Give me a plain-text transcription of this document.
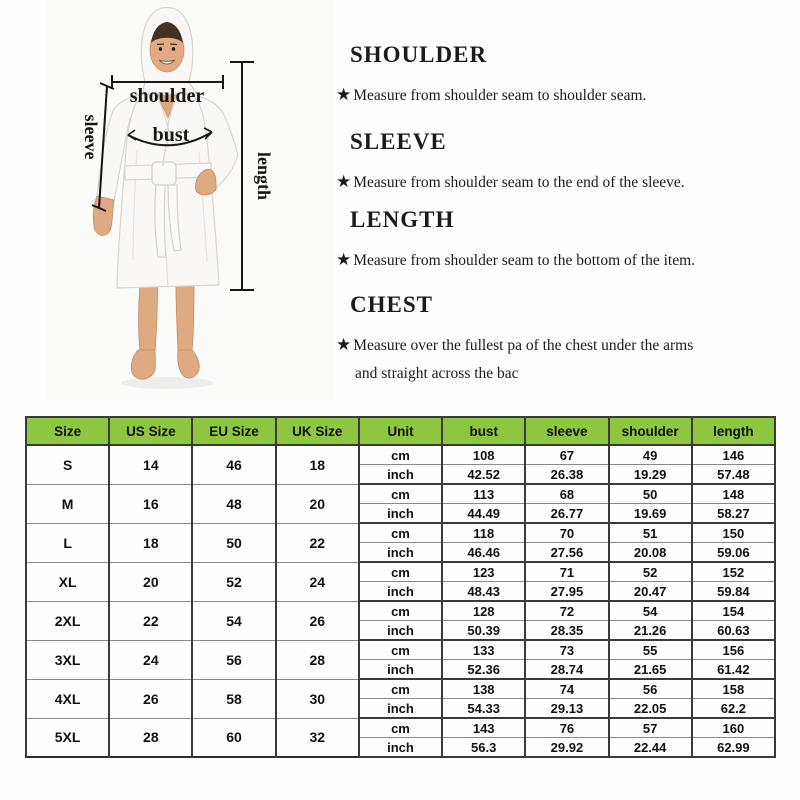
shoulder
bust
sleeve
length
SHOULDER

★ Measure from shoulder seam to shoulder seam.

SLEEVE

★ Measure from shoulder seam to the end of the sleeve.

LENGTH

★ Measure from shoulder seam to the bottom of the item.

CHEST

★ Measure over the fullest pa of the chest under the arms
and straight across the bac

Size	US Size	EU Size	UK Size	Unit	bust	sleeve	shoulder	length
S	14	46	18	cm	108	67	49	146
				inch	42.52	26.38	19.29	57.48
M	16	48	20	cm	113	68	50	148
				inch	44.49	26.77	19.69	58.27
L	18	50	22	cm	118	70	51	150
				inch	46.46	27.56	20.08	59.06
XL	20	52	24	cm	123	71	52	152
				inch	48.43	27.95	20.47	59.84
2XL	22	54	26	cm	128	72	54	154
				inch	50.39	28.35	21.26	60.63
3XL	24	56	28	cm	133	73	55	156
				inch	52.36	28.74	21.65	61.42
4XL	26	58	30	cm	138	74	56	158
				inch	54.33	29.13	22.05	62.2
5XL	28	60	32	cm	143	76	57	160
				inch	56.3	29.92	22.44	62.99
